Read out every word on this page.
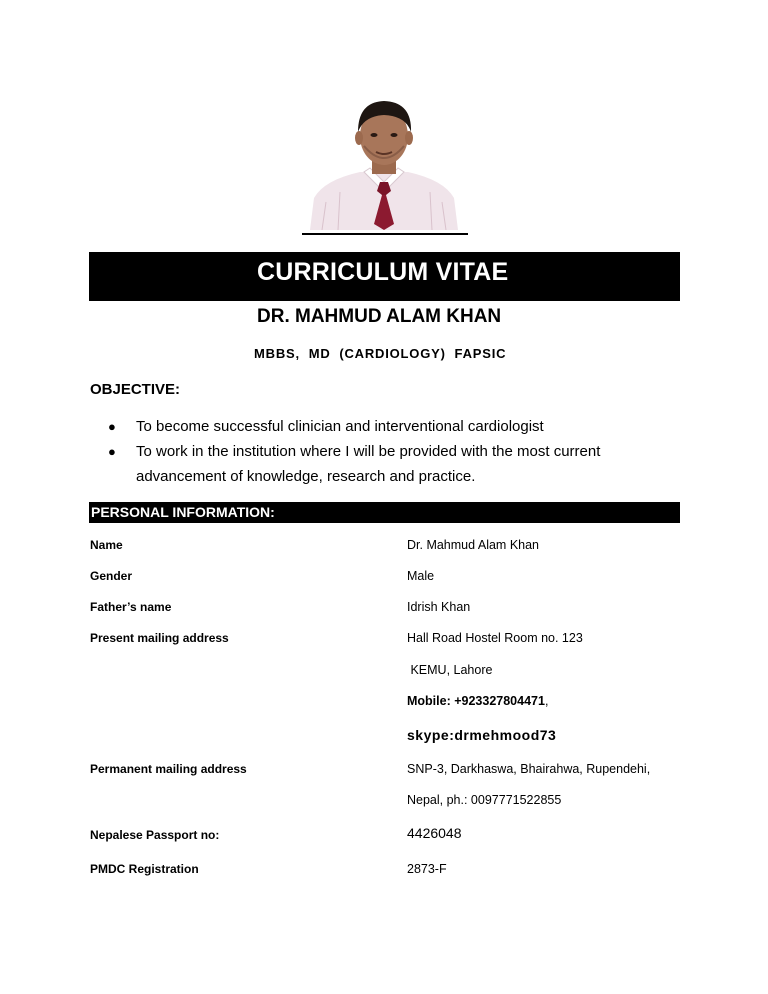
CURRICULUM VITAE
DR. MAHMUD ALAM KHAN
MBBS,  MD  (CARDIOLOGY)  FAPSIC
OBJECTIVE:
● To become successful clinician and interventional cardiologist
● To work in the institution where I will be provided with the most current advancement of knowledge, research and practice.
PERSONAL INFORMATION:
Name	Dr. Mahmud Alam Khan
Gender	Male
Father’s name	Idrish Khan
Present mailing address	Hall Road Hostel Room no. 123
KEMU, Lahore
Mobile: +923327804471,
skype:drmehmood73
Permanent mailing address	SNP-3, Darkhaswa, Bhairahwa, Rupendehi,
Nepal, ph.: 0097771522855
Nepalese Passport no:	4426048
PMDC Registration	2873-F
